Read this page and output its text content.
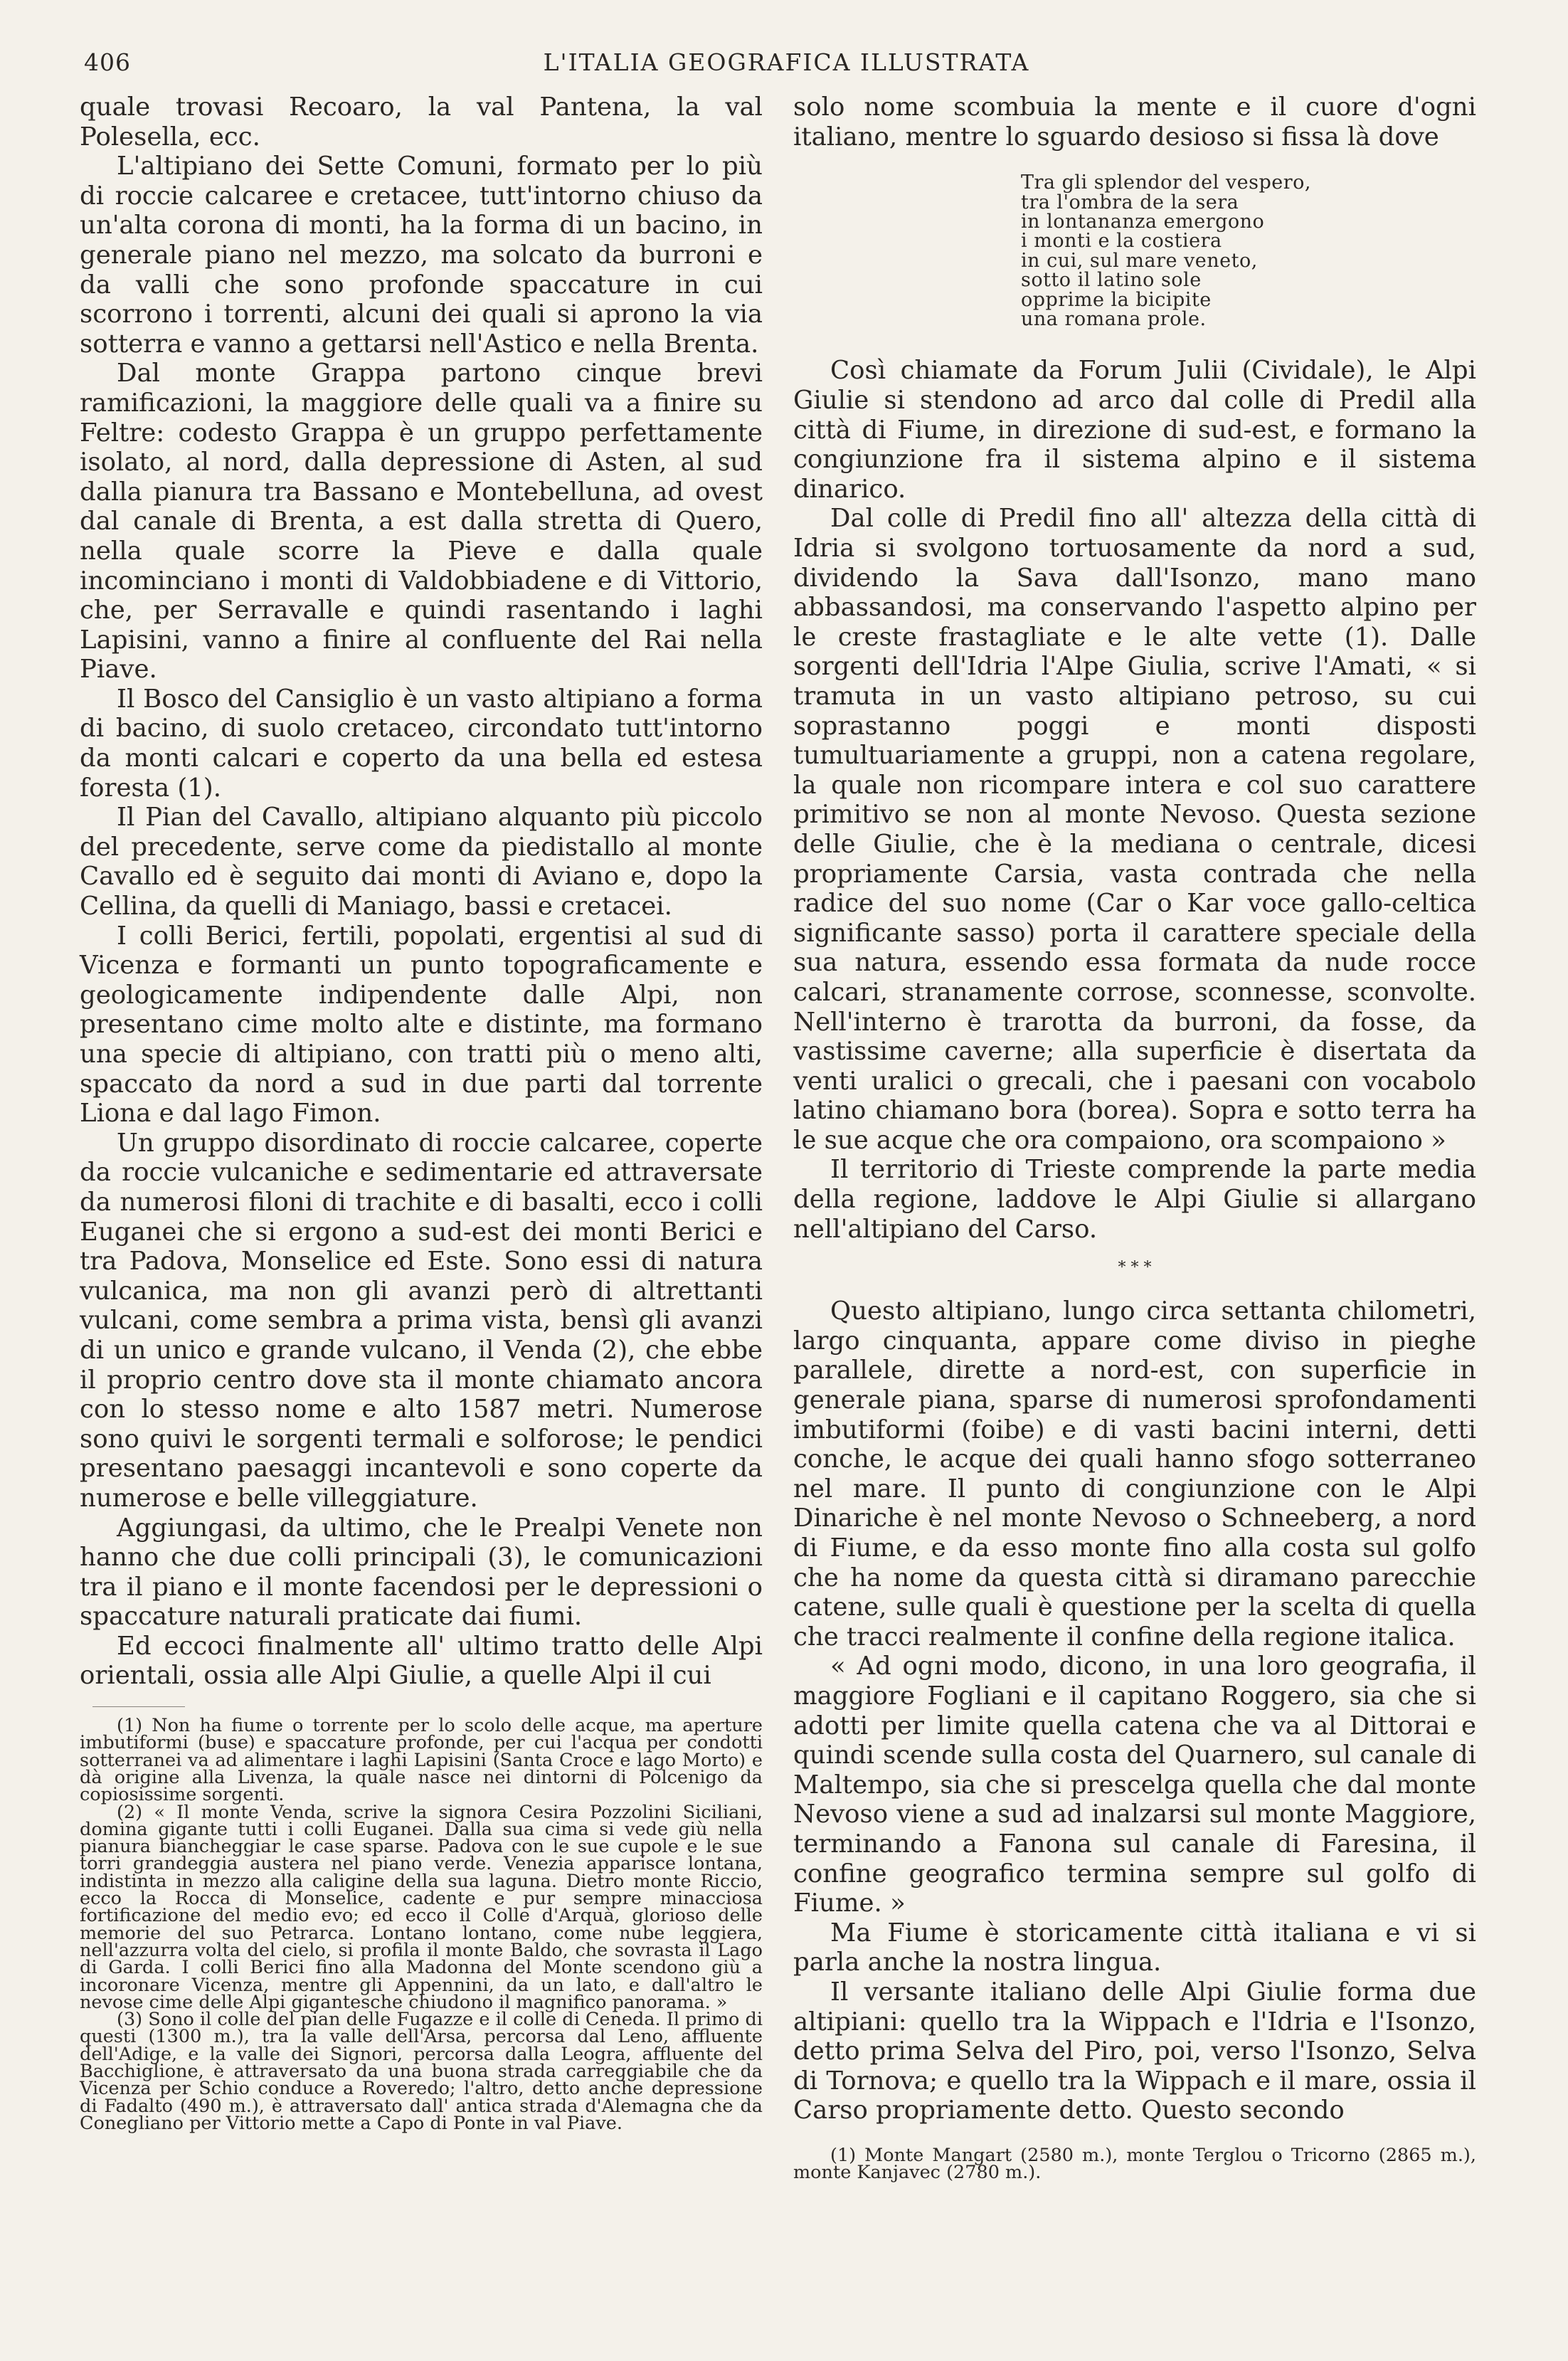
406	L'ITALIA GEOGRAFICA ILLUSTRATA

quale trovasi Recoaro, la val Pantena, la val Polesella, ecc.

L'altipiano dei Sette Comuni, formato per lo più di roccie calcaree e cretacee, tutt'intorno chiuso da un'alta corona di monti, ha la forma di un bacino, in generale piano nel mezzo, ma solcato da burroni e da valli che sono profonde spaccature in cui scorrono i torrenti, alcuni dei quali si aprono la via sotterra e vanno a gettarsi nell'Astico e nella Brenta.

Dal monte Grappa partono cinque brevi ramificazioni, la maggiore delle quali va a finire su Feltre: codesto Grappa è un gruppo perfettamente isolato, al nord, dalla depressione di Asten, al sud dalla pianura tra Bassano e Montebelluna, ad ovest dal canale di Brenta, a est dalla stretta di Quero, nella quale scorre la Pieve e dalla quale incominciano i monti di Valdobbiadene e di Vittorio, che, per Serravalle e quindi rasentando i laghi Lapisini, vanno a finire al confluente del Rai nella Piave.

Il Bosco del Cansiglio è un vasto altipiano a forma di bacino, di suolo cretaceo, circondato tutt'intorno da monti calcari e coperto da una bella ed estesa foresta (1).

Il Pian del Cavallo, altipiano alquanto più piccolo del precedente, serve come da piedistallo al monte Cavallo ed è seguito dai monti di Aviano e, dopo la Cellina, da quelli di Maniago, bassi e cretacei.

I colli Berici, fertili, popolati, ergentisi al sud di Vicenza e formanti un punto topograficamente e geologicamente indipendente dalle Alpi, non presentano cime molto alte e distinte, ma formano una specie di altipiano, con tratti più o meno alti, spaccato da nord a sud in due parti dal torrente Liona e dal lago Fimon.

Un gruppo disordinato di roccie calcaree, coperte da roccie vulcaniche e sedimentarie ed attraversate da numerosi filoni di trachite e di basalti, ecco i colli Euganei che si ergono a sud-est dei monti Berici e tra Padova, Monselice ed Este. Sono essi di natura vulcanica, ma non gli avanzi però di altrettanti vulcani, come sembra a prima vista, bensì gli avanzi di un unico e grande vulcano, il Venda (2), che ebbe il proprio centro dove sta il monte chiamato ancora con lo stesso nome e alto 1587 metri. Numerose sono quivi le sorgenti termali e solforose; le pendici presentano paesaggi incantevoli e sono coperte da numerose e belle villeggiature.

Aggiungasi, da ultimo, che le Prealpi Venete non hanno che due colli principali (3), le comunicazioni tra il piano e il monte facendosi per le depressioni o spaccature naturali praticate dai fiumi.

Ed eccoci finalmente all' ultimo tratto delle Alpi orientali, ossia alle Alpi Giulie, a quelle Alpi il cui

(1) Non ha fiume o torrente per lo scolo delle acque, ma aperture imbutiformi (buse) e spaccature profonde, per cui l'acqua per condotti sotterranei va ad alimentare i laghi Lapisini (Santa Croce e lago Morto) e dà origine alla Livenza, la quale nasce nei dintorni di Polcenigo da copiosissime sorgenti.

(2) « Il monte Venda, scrive la signora Cesira Pozzolini Siciliani, domina gigante tutti i colli Euganei. Dalla sua cima si vede giù nella pianura biancheggiar le case sparse. Padova con le sue cupole e le sue torri grandeggia austera nel piano verde. Venezia apparisce lontana, indistinta in mezzo alla caligine della sua laguna. Dietro monte Riccio, ecco la Rocca di Monselice, cadente e pur sempre minacciosa fortificazione del medio evo; ed ecco il Colle d'Arquà, glorioso delle memorie del suo Petrarca. Lontano lontano, come nube leggiera, nell'azzurra volta del cielo, si profila il monte Baldo, che sovrasta il Lago di Garda. I colli Berici fino alla Madonna del Monte scendono giù a incoronare Vicenza, mentre gli Appennini, da un lato, e dall'altro le nevose cime delle Alpi gigantesche chiudono il magnifico panorama. »

(3) Sono il colle del pian delle Fugazze e il colle di Ceneda. Il primo di questi (1300 m.), tra la valle dell'Arsa, percorsa dal Leno, affluente dell'Adige, e la valle dei Signori, percorsa dalla Leogra, affluente del Bacchiglione, è attraversato da una buona strada carreggiabile che da Vicenza per Schio conduce a Roveredo; l'altro, detto anche depressione di Fadalto (490 m.), è attraversato dall' antica strada d'Alemagna che da Conegliano per Vittorio mette a Capo di Ponte in val Piave.

solo nome scombuia la mente e il cuore d'ogni italiano, mentre lo sguardo desioso si fissa là dove

Tra gli splendor del vespero,
tra l'ombra de la sera
in lontananza emergono
i monti e la costiera
in cui, sul mare veneto,
sotto il latino sole
opprime la bicipite
una romana prole.

Così chiamate da Forum Julii (Cividale), le Alpi Giulie si stendono ad arco dal colle di Predil alla città di Fiume, in direzione di sud-est, e formano la congiunzione fra il sistema alpino e il sistema dinarico.

Dal colle di Predil fino all' altezza della città di Idria si svolgono tortuosamente da nord a sud, dividendo la Sava dall'Isonzo, mano mano abbassandosi, ma conservando l'aspetto alpino per le creste frastagliate e le alte vette (1). Dalle sorgenti dell'Idria l'Alpe Giulia, scrive l'Amati, « si tramuta in un vasto altipiano petroso, su cui soprastanno poggi e monti disposti tumultuariamente a gruppi, non a catena regolare, la quale non ricompare intera e col suo carattere primitivo se non al monte Nevoso. Questa sezione delle Giulie, che è la mediana o centrale, dicesi propriamente Carsia, vasta contrada che nella radice del suo nome (Car o Kar voce gallo-celtica significante sasso) porta il carattere speciale della sua natura, essendo essa formata da nude rocce calcari, stranamente corrose, sconnesse, sconvolte. Nell'interno è trarotta da burroni, da fosse, da vastissime caverne; alla superficie è disertata da venti uralici o grecali, che i paesani con vocabolo latino chiamano bora (borea). Sopra e sotto terra ha le sue acque che ora compaiono, ora scompaiono »

Il territorio di Trieste comprende la parte media della regione, laddove le Alpi Giulie si allargano nell'altipiano del Carso.

* * *

Questo altipiano, lungo circa settanta chilometri, largo cinquanta, appare come diviso in pieghe parallele, dirette a nord-est, con superficie in generale piana, sparse di numerosi sprofondamenti imbutiformi (foibe) e di vasti bacini interni, detti conche, le acque dei quali hanno sfogo sotterraneo nel mare. Il punto di congiunzione con le Alpi Dinariche è nel monte Nevoso o Schneeberg, a nord di Fiume, e da esso monte fino alla costa sul golfo che ha nome da questa città si diramano parecchie catene, sulle quali è questione per la scelta di quella che tracci realmente il confine della regione italica.

« Ad ogni modo, dicono, in una loro geografia, il maggiore Fogliani e il capitano Roggero, sia che si adotti per limite quella catena che va al Dittorai e quindi scende sulla costa del Quarnero, sul canale di Maltempo, sia che si prescelga quella che dal monte Nevoso viene a sud ad inalzarsi sul monte Maggiore, terminando a Fanona sul canale di Faresina, il confine geografico termina sempre sul golfo di Fiume. »

Ma Fiume è storicamente città italiana e vi si parla anche la nostra lingua.

Il versante italiano delle Alpi Giulie forma due altipiani: quello tra la Wippach e l'Idria e l'Isonzo, detto prima Selva del Piro, poi, verso l'Isonzo, Selva di Tornova; e quello tra la Wippach e il mare, ossia il Carso propriamente detto. Questo secondo

(1) Monte Mangart (2580 m.), monte Terglou o Tricorno (2865 m.), monte Kanjavec (2780 m.).
